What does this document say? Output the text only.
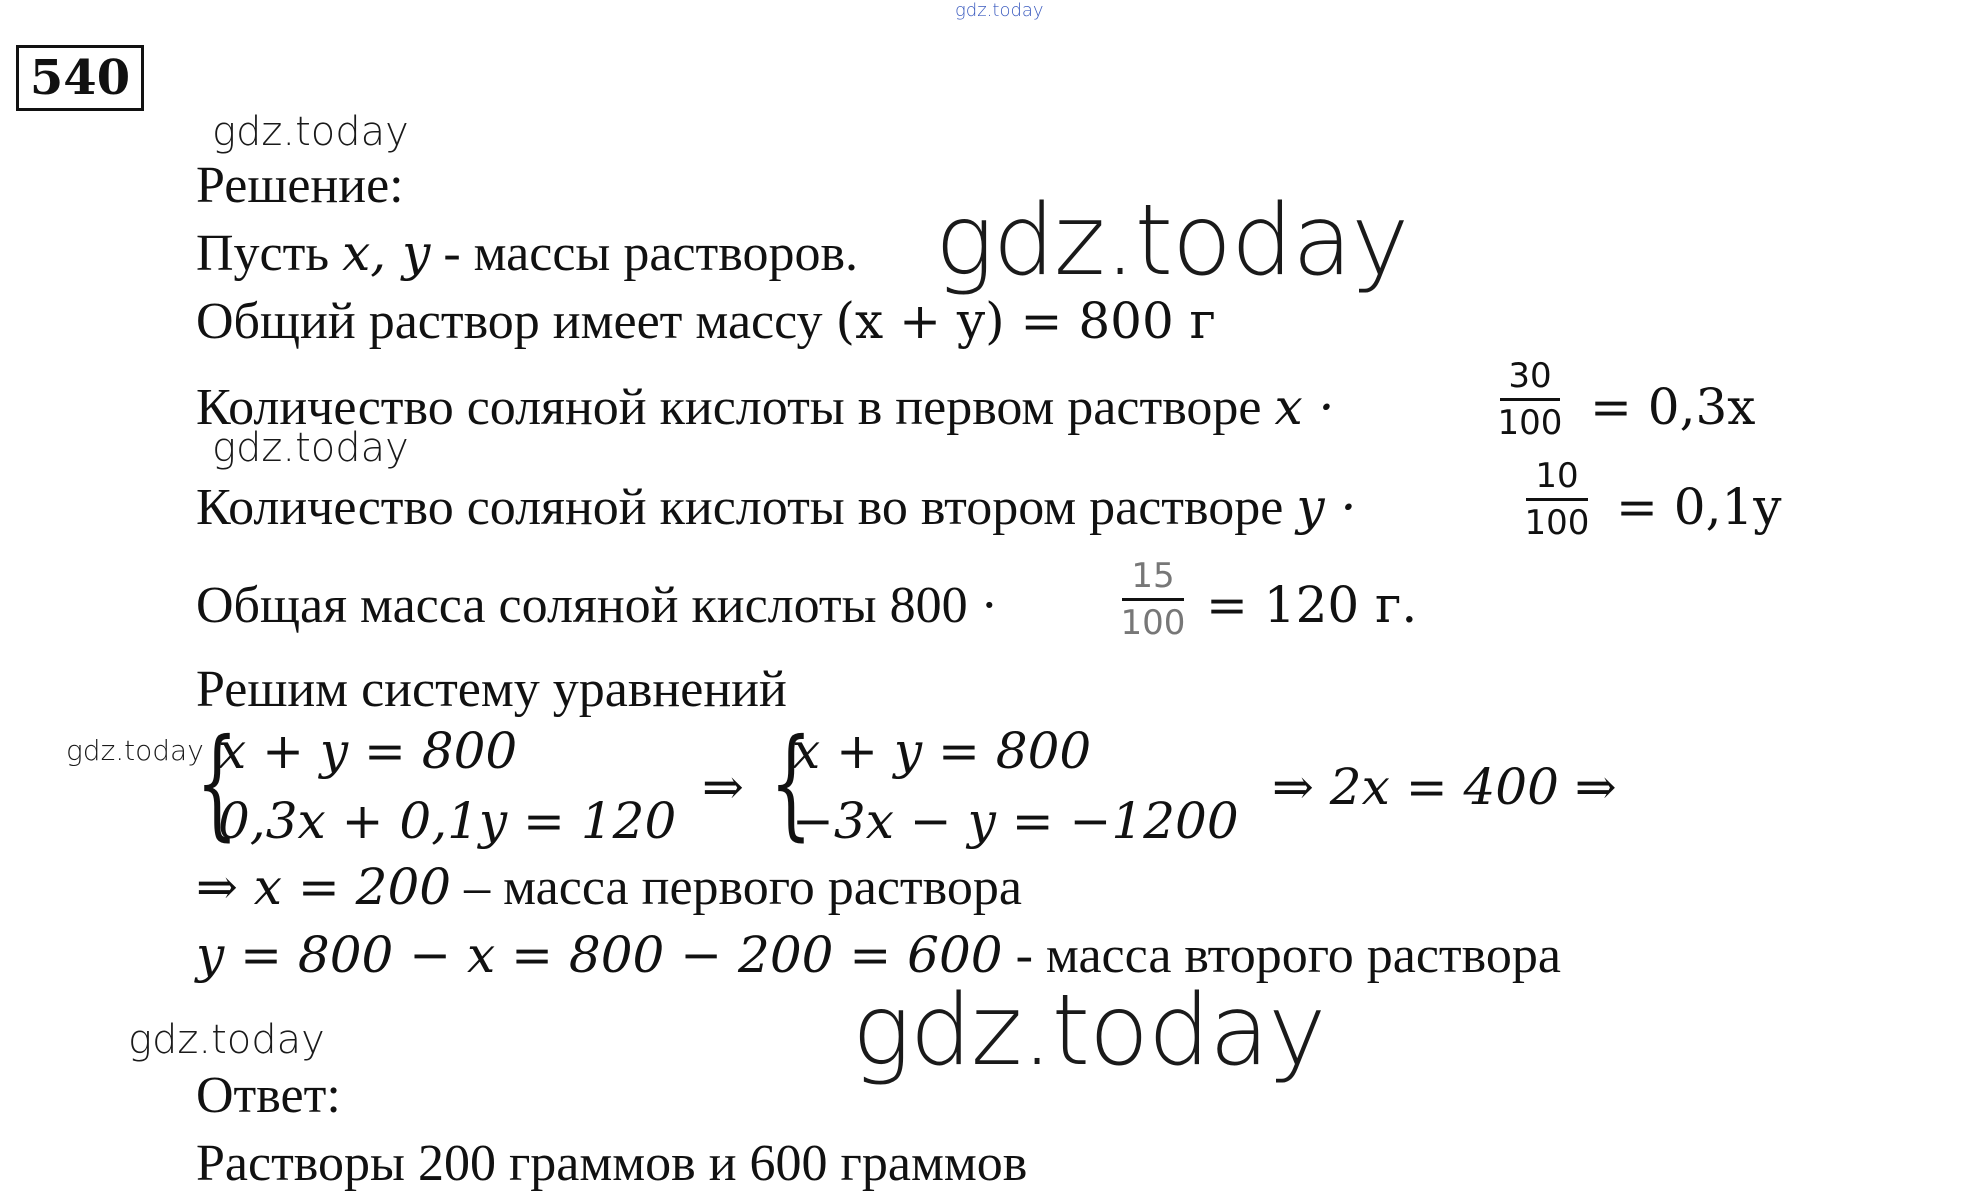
gdz.today
540
gdz.today
gdz.today
gdz.today
gdz.today
gdz.today
gdz.today
Решение:
Пусть x, y - массы растворов.
Общий раствор имеет массу (x + y) = 800 г
Количество соляной кислоты в первом растворе x ·
30
100 = 0,3x
Количество соляной кислоты во втором растворе y ·
10
100 = 0,1y
Общая масса соляной кислоты 800 ·
15
100 = 120 г.
Решим систему уравнений
{
x + y = 800
0,3x + 0,1y = 120
⇒ {
x + y = 800
−3x − y = −1200
⇒ 2x = 400 ⇒
⇒ x = 200 – масса первого раствора
y = 800 − x = 800 − 200 = 600 - масса второго раствора
Ответ:
Растворы 200 граммов и 600 граммов
